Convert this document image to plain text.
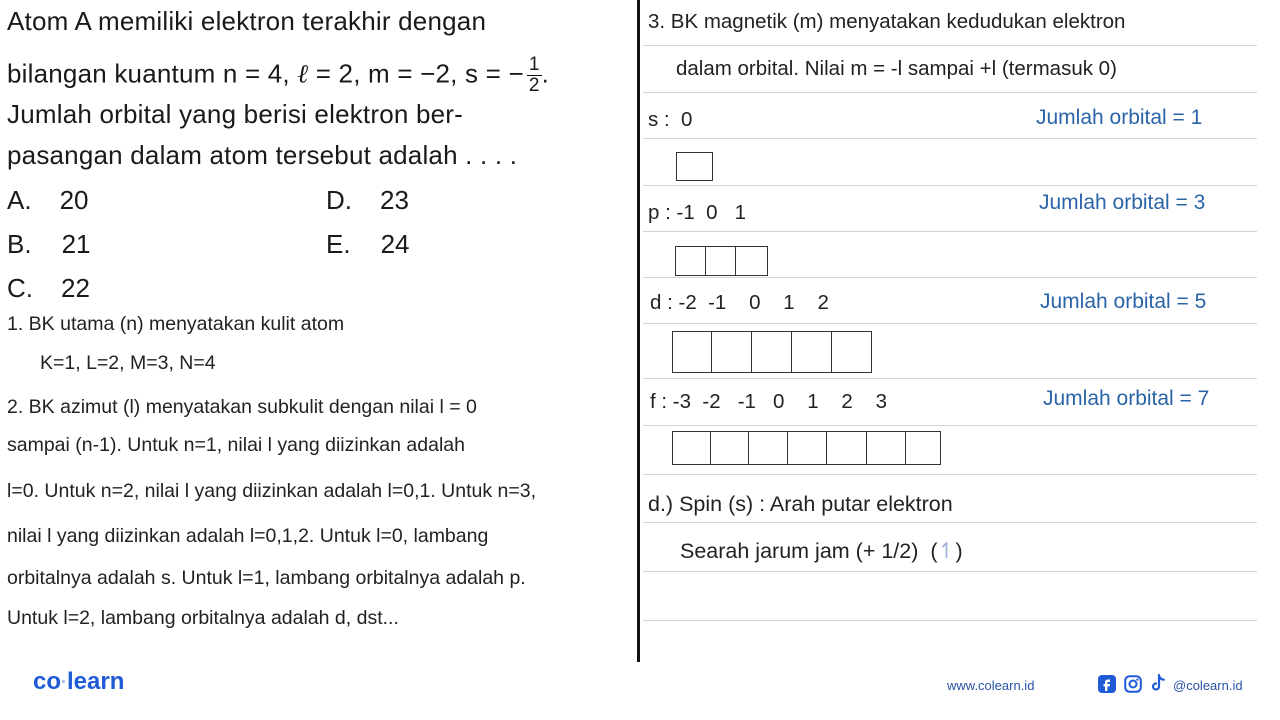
Atom A memiliki elektron terakhir dengan
bilangan kuantum n = 4, ℓ = 2, m = −2, s = − $\frac{1}{2}$ .
Jumlah orbital yang berisi elektron ber-
pasangan dalam atom tersebut adalah . . . .
A. 20	D. 23
B. 21	E. 24
C. 22
1. BK utama (n) menyatakan kulit atom
K=1, L=2, M=3, N=4
2. BK azimut (l) menyatakan subkulit dengan nilai l = 0
sampai (n-1). Untuk n=1, nilai l yang diizinkan adalah
l=0. Untuk n=2, nilai l yang diizinkan adalah l=0,1. Untuk n=3,
nilai l yang diizinkan adalah l=0,1,2. Untuk l=0, lambang
orbitalnya adalah s. Untuk l=1, lambang orbitalnya adalah p.
Untuk l=2, lambang orbitalnya adalah d, dst...
3. BK magnetik (m) menyatakan kedudukan elektron
dalam orbital. Nilai m = -l sampai +l (termasuk 0)
s :  0	Jumlah orbital = 1
p : -1  0   1	Jumlah orbital = 3
d : -2  -1    0    1    2	Jumlah orbital = 5
f : -3  -2   -1   0    1    2    3	Jumlah orbital = 7
d.) Spin (s) : Arah putar elektron
Searah jarum jam (+ 1/2)  (↿)
co·learn	www.colearn.id	@colearn.id
